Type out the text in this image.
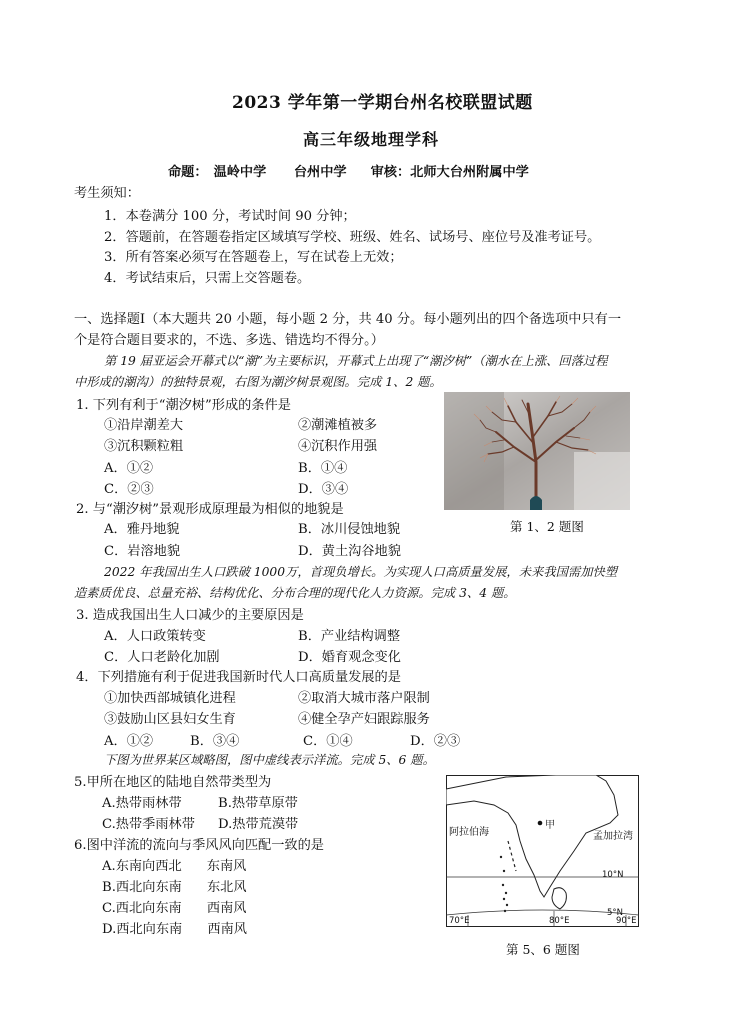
2023 学年第一学期台州名校联盟试题
高三年级地理学科
命题： 温岭中学      台州中学 审核：北师大台州附属中学
考生须知：
1．本卷满分 100 分，考试时间 90 分钟；
2．答题前，在答题卷指定区域填写学校、班级、姓名、试场号、座位号及准考证号。
3．所有答案必须写在答题卷上，写在试卷上无效；
4．考试结束后，只需上交答题卷。
一、选择题Ⅰ（本大题共 20 小题，每小题 2 分，共 40 分。每小题列出的四个备选项中只有一
个是符合题目要求的，不选、多选、错选均不得分。）
第 19 届亚运会开幕式以“潮”为主要标识，开幕式上出现了“潮汐树”（潮水在上涨、回落过程
中形成的潮沟）的独特景观，右图为潮汐树景观图。完成 1、2 题。
1. 下列有利于“潮汐树”形成的条件是
①沿岸潮差大	②潮滩植被多
③沉积颗粒粗	④沉积作用强
A．①②	B．①④
C．②③	D．③④
2. 与“潮汐树”景观形成原理最为相似的地貌是
A．雅丹地貌	B．冰川侵蚀地貌
C．岩溶地貌	D．黄土沟谷地貌
第 1、2 题图
2022 年我国出生人口跌破 1000万，首现负增长。为实现人口高质量发展，未来我国需加快塑
造素质优良、总量充裕、结构优化、分布合理的现代化人力资源。完成 3、4 题。
3. 造成我国出生人口减少的主要原因是
A．人口政策转变	B．产业结构调整
C．人口老龄化加剧	D．婚育观念变化
4．下列措施有利于促进我国新时代人口高质量发展的是
①加快西部城镇化进程	②取消大城市落户限制
③鼓励山区县妇女生育	④健全孕产妇跟踪服务
A．①②	B．③④	C．①④	D．②③
下图为世界某区域略图，图中虚线表示洋流。完成 5、6 题。
5.甲所在地区的陆地自然带类型为
A.热带雨林带	B.热带草原带
C.热带季雨林带 D.热带荒漠带
6.图中洋流的流向与季风风向匹配一致的是
A.东南向西北      东南风
B.西北向东南      东北风
C.西北向东南      西南风
D.西北向东南      西南风
阿拉伯海	孟加拉湾
甲
10°N
5°N
70°E	80°E	90°E
第 5、6 题图
